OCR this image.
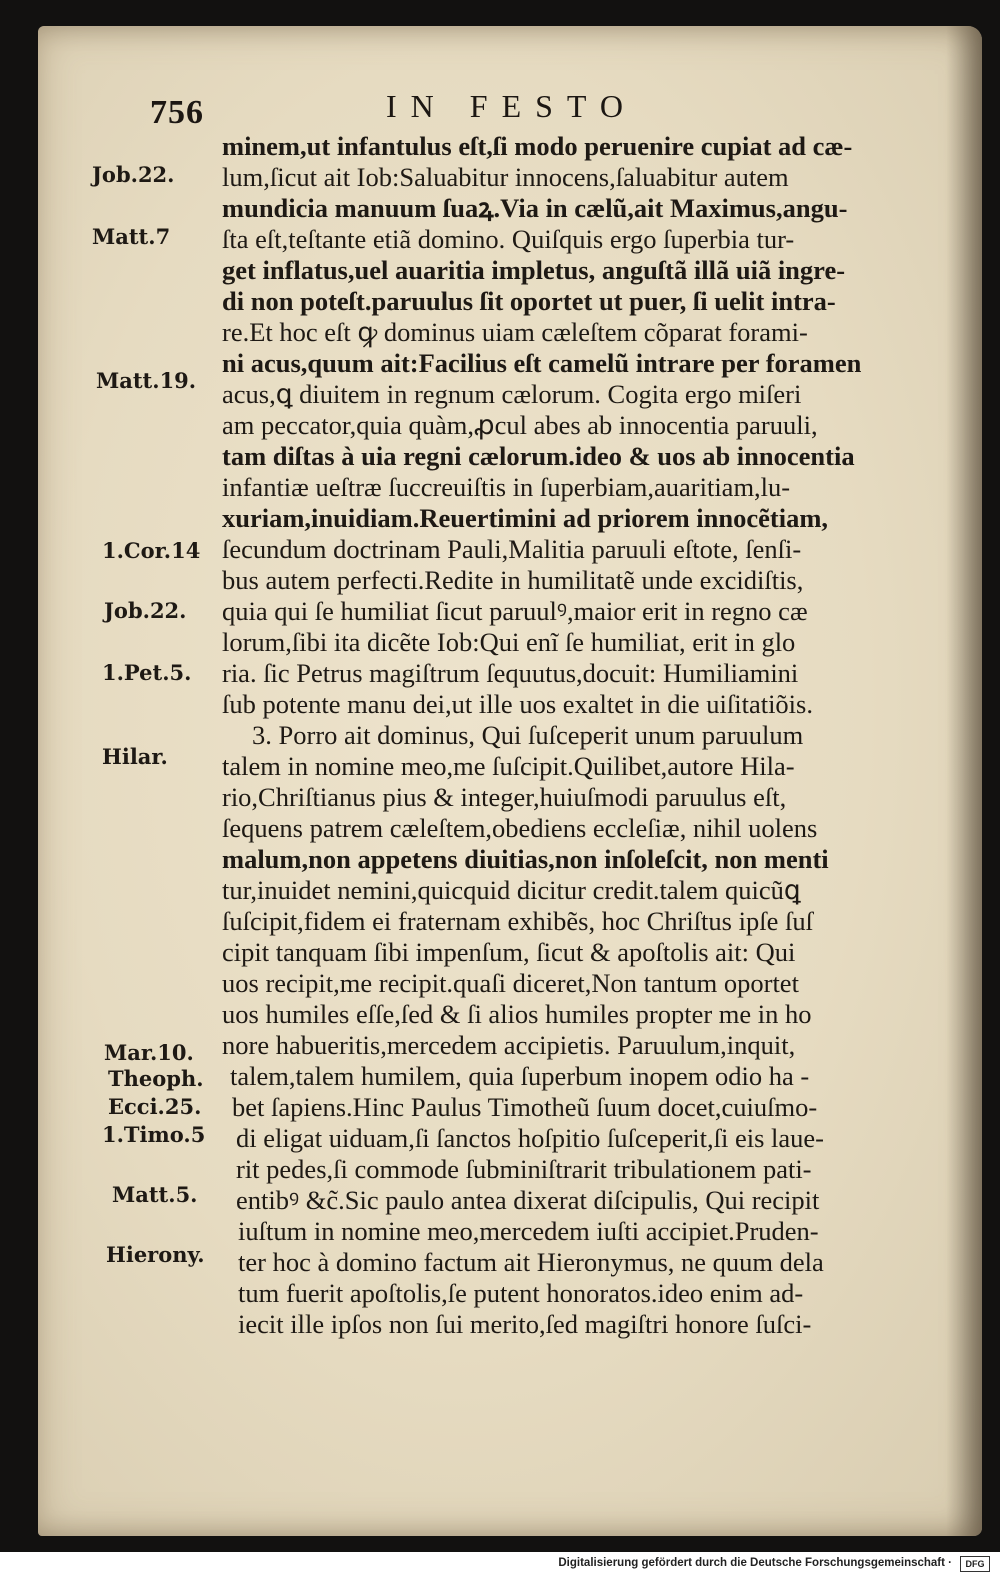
756	IN FESTO
Job.22.
Matt.7
Matt.19.
1.Cor.14
Job.22.
1.Pet.5.
Hilar.
Mar.10.
Theoph.
Ecci.25.
1.Timo.5
Matt.5.
Hierony.
minem,ut infantulus eſt,ſi modo peruenire cupiat ad cæ-
lum,ſicut ait Iob:Saluabitur innocens,ſaluabitur autem
mundicia manuum ſuaꝝ.Via in cælũ,ait Maximus,angu-
ſta eſt,teſtante etiã domino. Quiſquis ergo ſuperbia tur-
get inflatus,uel auaritia impletus, anguſtã illã uiã ingre-
di non poteſt.paruulus ſit oportet ut puer, ſi uelit intra-
re.Et hoc eſt ꝙ dominus uiam cæleſtem cõparat forami-
ni acus,quum ait:Facilius eſt camelũ intrare per foramen
acus,ꝗ diuitem in regnum cælorum. Cogita ergo miſeri
am peccator,quia quàm,ꝓcul abes ab innocentia paruuli,
tam diſtas à uia regni cælorum.ideo & uos ab innocentia
infantiæ ueſtræ ſuccreuiſtis in ſuperbiam,auaritiam,lu-
xuriam,inuidiam.Reuertimini ad priorem innocẽtiam,
ſecundum doctrinam Pauli,Malitia paruuli eſtote, ſenſi-
bus autem perfecti.Redite in humilitatẽ unde excidiſtis,
quia qui ſe humiliat ſicut paruulꝰ,maior erit in regno cæ
lorum,ſibi ita dicẽte Iob:Qui enĩ ſe humiliat, erit in glo
ria. ſic Petrus magiſtrum ſequutus,docuit: Humiliamini
ſub potente manu dei,ut ille uos exaltet in die uiſitatiõis.
3. Porro ait dominus, Qui ſuſceperit unum paruulum
talem in nomine meo,me ſuſcipit.Quilibet,autore Hila-
rio,Chriſtianus pius & integer,huiuſmodi paruulus eſt,
ſequens patrem cæleſtem,obediens eccleſiæ, nihil uolens
malum,non appetens diuitias,non inſoleſcit, non menti
tur,inuidet nemini,quicquid dicitur credit.talem quicũꝗ
ſuſcipit,fidem ei fraternam exhibẽs, hoc Chriſtus ipſe ſuſ
cipit tanquam ſibi impenſum, ſicut & apoſtolis ait: Qui
uos recipit,me recipit.quaſi diceret,Non tantum oportet
uos humiles eſſe,ſed & ſi alios humiles propter me in ho
nore habueritis,mercedem accipietis. Paruulum,inquit,
talem,talem humilem, quia ſuperbum inopem odio ha -
bet ſapiens.Hinc Paulus Timotheũ ſuum docet,cuiuſmo-
di eligat uiduam,ſi ſanctos hoſpitio ſuſceperit,ſi eis laue-
rit pedes,ſi commode ſubminiſtrarit tribulationem pati-
entibꝰ &c̃.Sic paulo antea dixerat diſcipulis, Qui recipit
iuſtum in nomine meo,mercedem iuſti accipiet.Pruden-
ter hoc à domino factum ait Hieronymus, ne quum dela
tum fuerit apoſtolis,ſe putent honoratos.ideo enim ad-
iecit ille ipſos non ſui merito,ſed magiſtri honore ſuſci-
Digitalisierung gefördert durch die Deutsche Forschungsgemeinschaft ·	DFG
